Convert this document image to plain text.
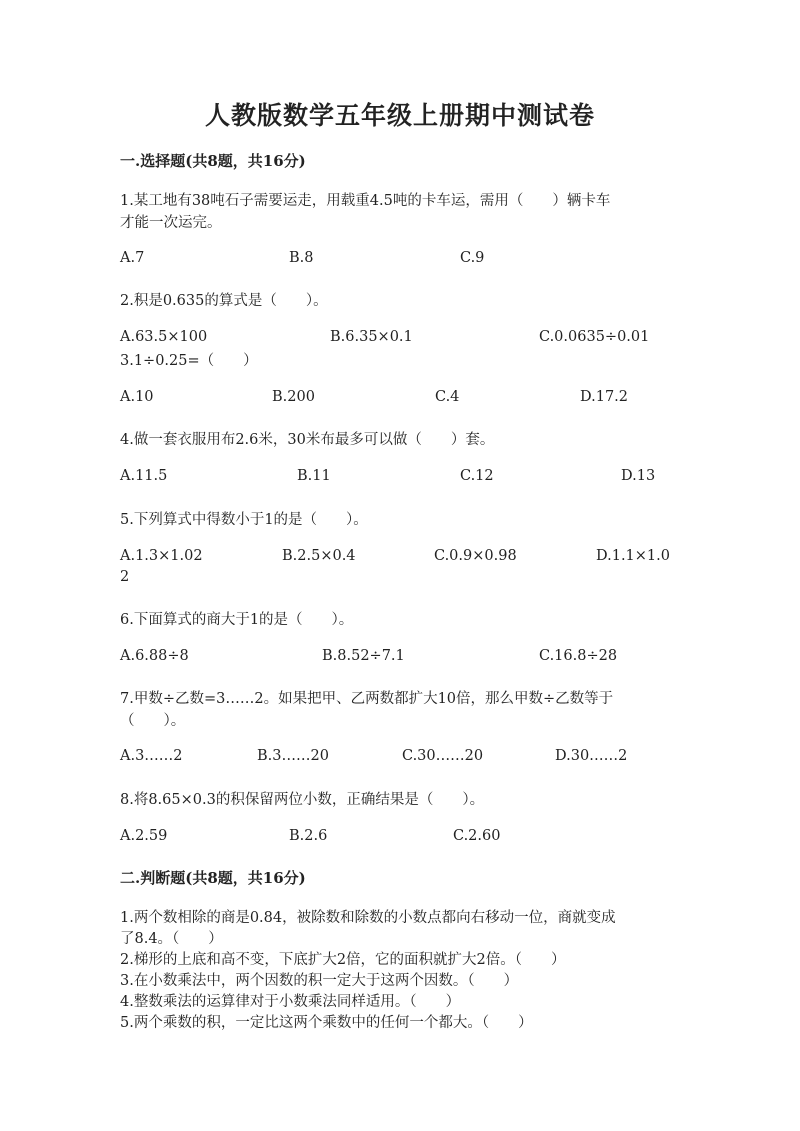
人教版数学五年级上册期中测试卷
一.选择题(共8题，共16分)
1.某工地有38吨石子需要运走，用载重4.5吨的卡车运，需用（　　）辆卡车
才能一次运完。
A.7	B.8	C.9
2.积是0.635的算式是（　　）。
A.63.5×100	B.6.35×0.1	C.0.0635÷0.01
3.1÷0.25=（　　）
A.10	B.200	C.4	D.17.2
4.做一套衣服用布2.6米，30米布最多可以做（　　）套。
A.11.5	B.11	C.12	D.13
5.下列算式中得数小于1的是（　　）。
A.1.3×1.02	B.2.5×0.4	C.0.9×0.98	D.1.1×1.0
2
6.下面算式的商大于1的是（　　）。
A.6.88÷8	B.8.52÷7.1	C.16.8÷28
7.甲数÷乙数=3……2。如果把甲、乙两数都扩大10倍，那么甲数÷乙数等于
（　　）。
A.3……2	B.3……20	C.30……20	D.30……2
8.将8.65×0.3的积保留两位小数，正确结果是（　　）。
A.2.59	B.2.6	C.2.60
二.判断题(共8题，共16分)
1.两个数相除的商是0.84，被除数和除数的小数点都向右移动一位，商就变成
了8.4。（　　）
2.梯形的上底和高不变，下底扩大2倍，它的面积就扩大2倍。（　　）
3.在小数乘法中，两个因数的积一定大于这两个因数。（　　）
4.整数乘法的运算律对于小数乘法同样适用。（　　）
5.两个乘数的积，一定比这两个乘数中的任何一个都大。（　　）
